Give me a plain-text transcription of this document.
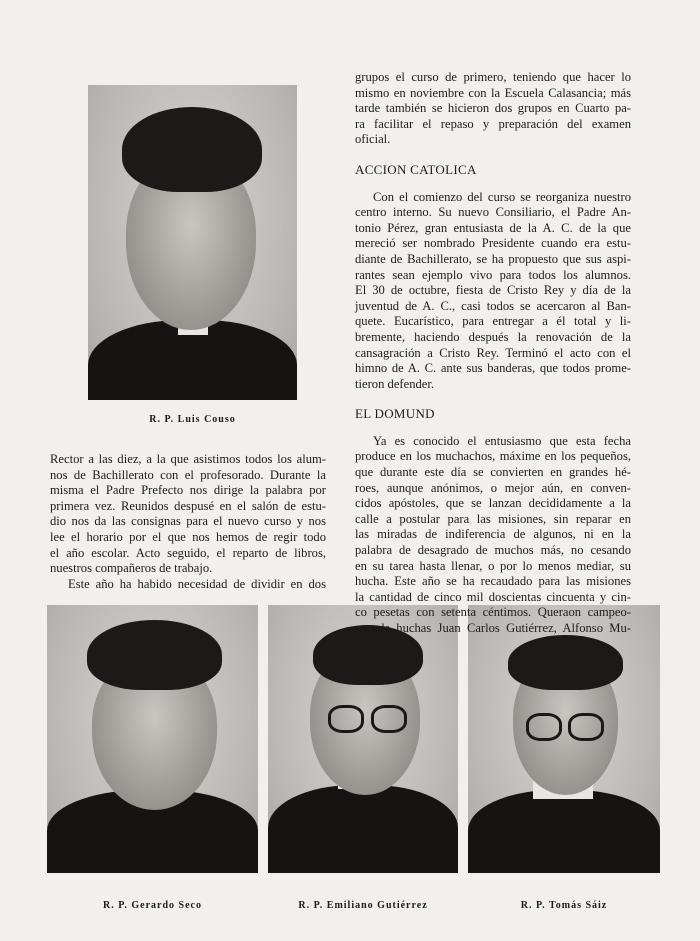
R. P. Luis Couso
R. P. Gerardo Seco	R. P. Emiliano Gutiérrez	R. P. Tomás Sáiz
Rector a las diez, a la que asistimos todos los alum-
nos de Bachillerato con el profesorado. Durante la
misma el Padre Prefecto nos dirige la palabra por
primera vez. Reunidos despusé en el salón de estu-
dio nos da las consignas para el nuevo curso y nos
lee el horario por el que nos hemos de regir todo
el año escolar. Acto seguido, el reparto de libros,
nuestros compañeros de trabajo.
Este año ha habido necesidad de dividir en dos
grupos el curso de primero, teniendo que hacer lo
mismo en noviembre con la Escuela Calasancia; más
tarde también se hicieron dos grupos en Cuarto pa-
ra facilitar el repaso y preparación del examen
oficial.
ACCION CATOLICA
Con el comienzo del curso se reorganiza nuestro
centro interno. Su nuevo Consiliario, el Padre An-
tonio Pérez, gran entusiasta de la A. C. de la que
mereció ser nombrado Presidente cuando era estu-
diante de Bachillerato, se ha propuesto que sus aspi-
rantes sean ejemplo vivo para todos los alumnos.
El 30 de octubre, fiesta de Cristo Rey y día de la
juventud de A. C., casi todos se acercaron al Ban-
quete. Eucarístico, para entregar a él total y li-
bremente, haciendo después la renovación de la
cansagración a Cristo Rey. Terminó el acto con el
himno de A. C. ante sus banderas, que todos prome-
tieron defender.
EL DOMUND
Ya es conocido el entusiasmo que esta fecha
produce en los muchachos, máxime en los pequeños,
que durante este día se convierten en grandes hé-
roes, aunque anónimos, o mejor aún, en conven-
cidos apóstoles, que se lanzan decididamente a la
calle a postular para las misiones, sin reparar en
las miradas de indiferencia de algunos, ni en la
palabra de desagrado de muchos más, no cesando
en su tarea hasta llenar, o por lo menos mediar, su
hucha. Este año se ha recaudado para las misiones
la cantidad de cinco mil doscientas cincuenta y cin-
co pesetas con setenta céntimos. Queraon campeo-
nes de huchas Juan Carlos Gutiérrez, Alfonso Mu-
